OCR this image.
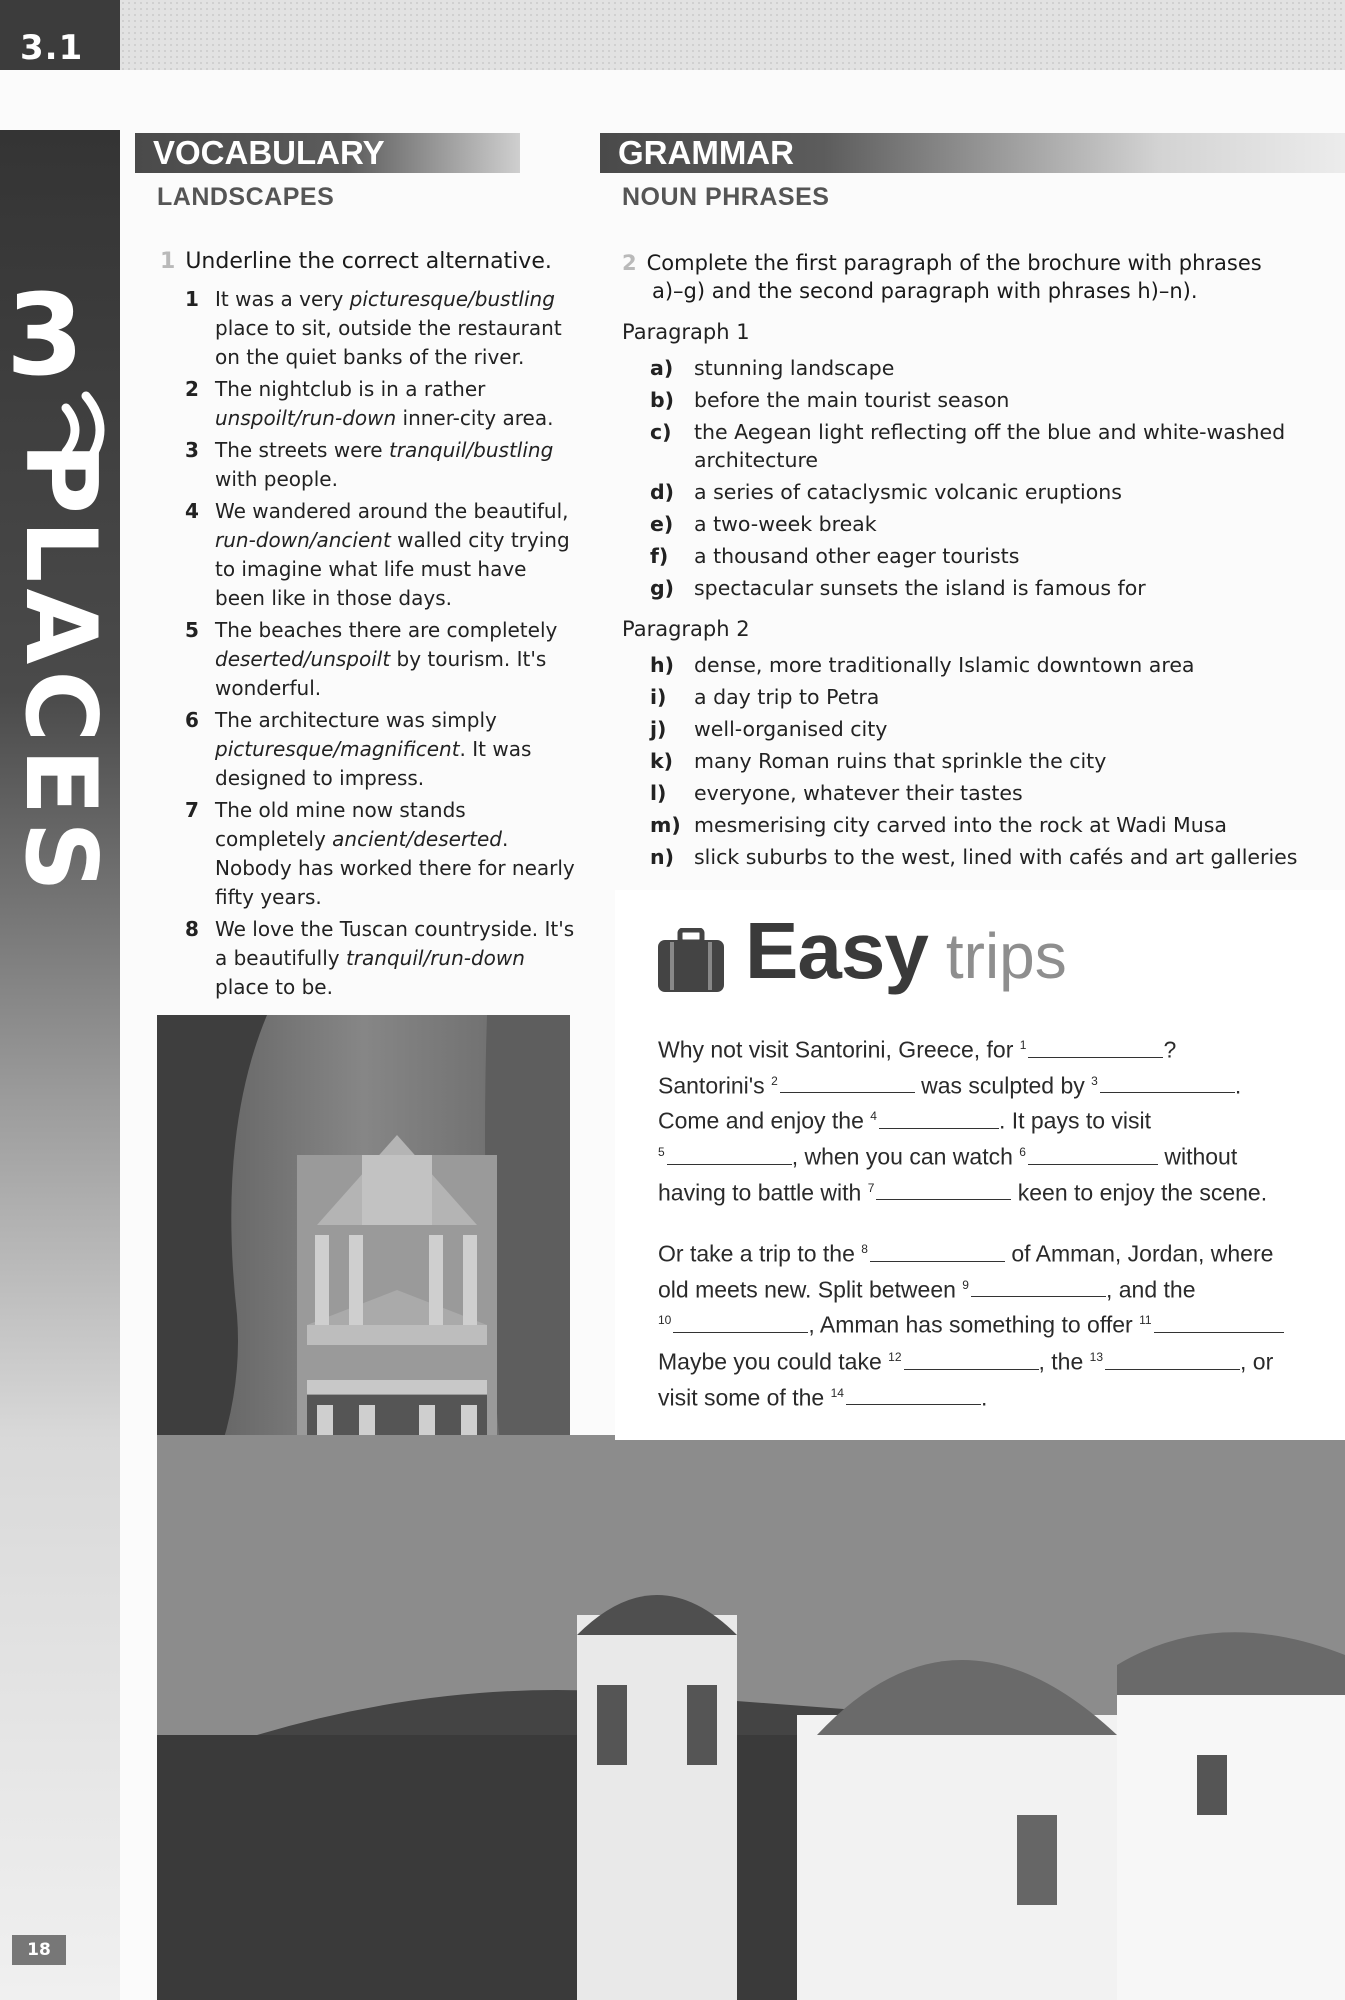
3.1
3
PLACES
18
VOCABULARY
LANDSCAPES
1 Underline the correct alternative.
1 It was a very picturesque/bustling place to sit, outside the restaurant on the quiet banks of the river.
2 The nightclub is in a rather unspoilt/run-down inner-city area.
3 The streets were tranquil/bustling with people.
4 We wandered around the beautiful, run-down/ancient walled city trying to imagine what life must have been like in those days.
5 The beaches there are completely deserted/unspoilt by tourism. It's wonderful.
6 The architecture was simply picturesque/magnificent. It was designed to impress.
7 The old mine now stands completely ancient/deserted. Nobody has worked there for nearly fifty years.
8 We love the Tuscan countryside. It's a beautifully tranquil/run-down place to be.
GRAMMAR
NOUN PHRASES
2 Complete the first paragraph of the brochure with phrases
a)–g) and the second paragraph with phrases h)–n).
Paragraph 1
a) stunning landscape
b) before the main tourist season
c) the Aegean light reflecting off the blue and white-washed architecture
d) a series of cataclysmic volcanic eruptions
e) a two-week break
f) a thousand other eager tourists
g) spectacular sunsets the island is famous for
Paragraph 2
h) dense, more traditionally Islamic downtown area
i) a day trip to Petra
j) well-organised city
k) many Roman ruins that sprinkle the city
l) everyone, whatever their tastes
m) mesmerising city carved into the rock at Wadi Musa
n) slick suburbs to the west, lined with cafés and art galleries
Easy trips
Why not visit Santorini, Greece, for $^1$	?
Santorini's $^2$	was sculpted by $^3$	.
Come and enjoy the $^4$	. It pays to visit
$^5$	, when you can watch $^6$	without
having to battle with $^7$	keen to enjoy the scene.
Or take a trip to the $^8$	of Amman, Jordan, where
old meets new. Split between $^9$	, and the
$^{10}$	, Amman has something to offer $^{11}$
Maybe you could take $^{12}$	, the $^{13}$	, or
visit some of the $^{14}$	.
